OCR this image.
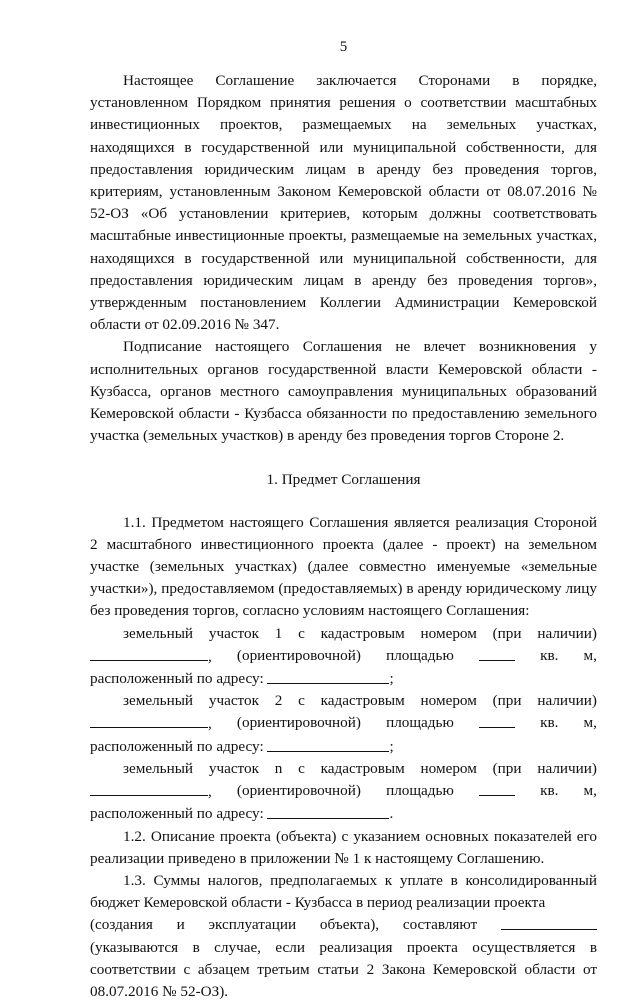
5

Настоящее Соглашение заключается Сторонами в порядке, установленном Порядком принятия решения о соответствии масштабных инвестиционных проектов, размещаемых на земельных участках, находящихся в государственной или муниципальной собственности, для предоставления юридическим лицам в аренду без проведения торгов, критериям, установленным Законом Кемеровской области от 08.07.2016 № 52-ОЗ «Об установлении критериев, которым должны соответствовать масштабные инвестиционные проекты, размещаемые на земельных участках, находящихся в государственной или муниципальной собственности, для предоставления юридическим лицам в аренду без проведения торгов», утвержденным постановлением Коллегии Администрации Кемеровской области от 02.09.2016 № 347.

Подписание настоящего Соглашения не влечет возникновения у исполнительных органов государственной власти Кемеровской области - Кузбасса, органов местного самоуправления муниципальных образований Кемеровской области - Кузбасса обязанности по предоставлению земельного участка (земельных участков) в аренду без проведения торгов Стороне 2.

1. Предмет Соглашения

1.1. Предметом настоящего Соглашения является реализация Стороной 2 масштабного инвестиционного проекта (далее - проект) на земельном участке (земельных участках) (далее совместно именуемые «земельные участки»), предоставляемом (предоставляемых) в аренду юридическому лицу без проведения торгов, согласно условиям настоящего Соглашения:

земельный участок 1 с кадастровым номером (при наличии)
, (ориентировочной) площадью	кв. м,
расположенный по адресу:
	;
земельный участок 2 с кадастровым номером (при наличии)
, (ориентировочной) площадью	кв. м,
расположенный по адресу:
	;
земельный участок n с кадастровым номером (при наличии)
, (ориентировочной) площадью	кв. м,
расположенный по адресу:
	.

1.2. Описание проекта (объекта) с указанием основных показателей его реализации приведено в приложении № 1 к настоящему Соглашению.

1.3. Суммы налогов, предполагаемых к уплате в консолидированный бюджет Кемеровской области - Кузбасса в период реализации проекта

(создания и эксплуатации объекта), составляют

(указываются в случае, если реализация проекта осуществляется в соответствии с абзацем третьим статьи 2 Закона Кемеровской области от 08.07.2016 № 52-ОЗ).
